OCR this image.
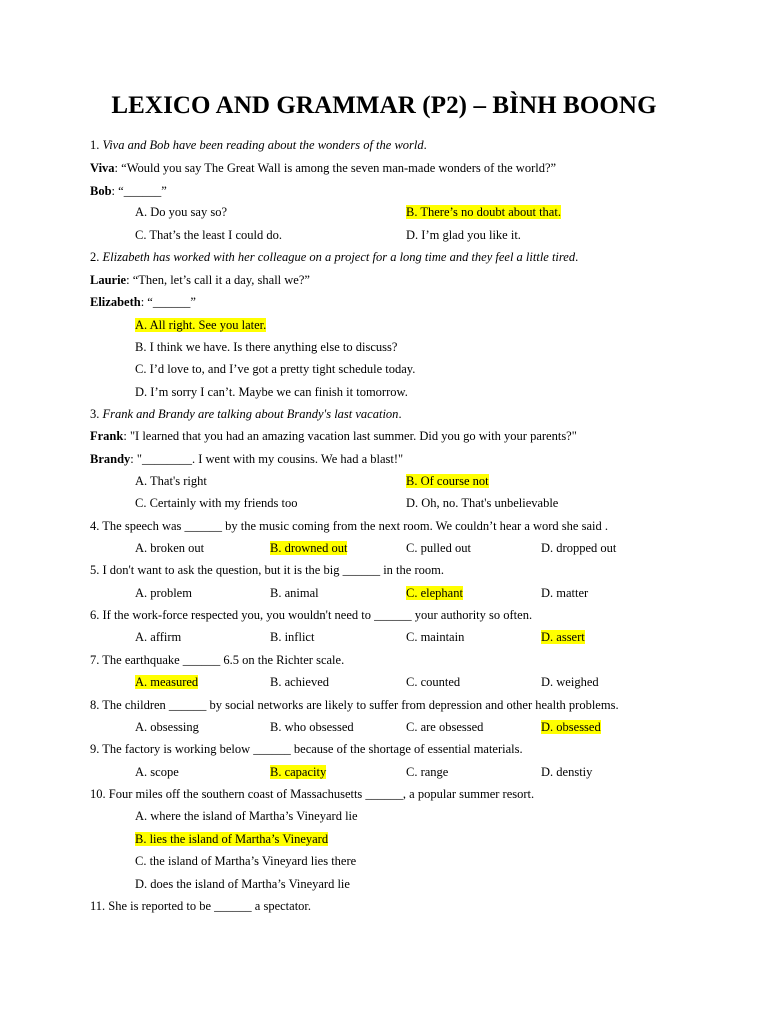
LEXICO AND GRAMMAR (P2) – BÌNH BOONG
1. Viva and Bob have been reading about the wonders of the world.
Viva: “Would you say The Great Wall is among the seven man-made wonders of the world?”
Bob: “______”
A. Do you say so?	B. There’s no doubt about that.
C. That’s the least I could do.	D. I’m glad you like it.
2. Elizabeth has worked with her colleague on a project for a long time and they feel a little tired.
Laurie: “Then, let’s call it a day, shall we?”
Elizabeth: “______”
A. All right. See you later.
B. I think we have. Is there anything else to discuss?
C. I’d love to, and I’ve got a pretty tight schedule today.
D. I’m sorry I can’t. Maybe we can finish it tomorrow.
3. Frank and Brandy are talking about Brandy's last vacation.
Frank: "I learned that you had an amazing vacation last summer. Did you go with your parents?"
Brandy: "________. I went with my cousins. We had a blast!"
A. That's right	B. Of course not
C. Certainly with my friends too	D. Oh, no. That's unbelievable
4. The speech was ______ by the music coming from the next room. We couldn’t hear a word she said .
A. broken out	B. drowned out	C. pulled out	D. dropped out
5. I don't want to ask the question, but it is the big ______ in the room.
A. problem	B. animal	C. elephant	D. matter
6. If the work-force respected you, you wouldn't need to ______ your authority so often.
A. affirm	B. inflict	C. maintain	D. assert
7. The earthquake ______ 6.5 on the Richter scale.
A. measured	B. achieved	C. counted	D. weighed
8. The children ______ by social networks are likely to suffer from depression and other health problems.
A. obsessing	B. who obsessed	C. are obsessed	D. obsessed
9. The factory is working below ______ because of the shortage of essential materials.
A. scope	B. capacity	C. range	D. denstiy
10. Four miles off the southern coast of Massachusetts ______, a popular summer resort.
A. where the island of Martha’s Vineyard lie
B. lies the island of Martha’s Vineyard
C. the island of Martha’s Vineyard lies there
D. does the island of Martha’s Vineyard lie
11. She is reported to be ______ a spectator.
